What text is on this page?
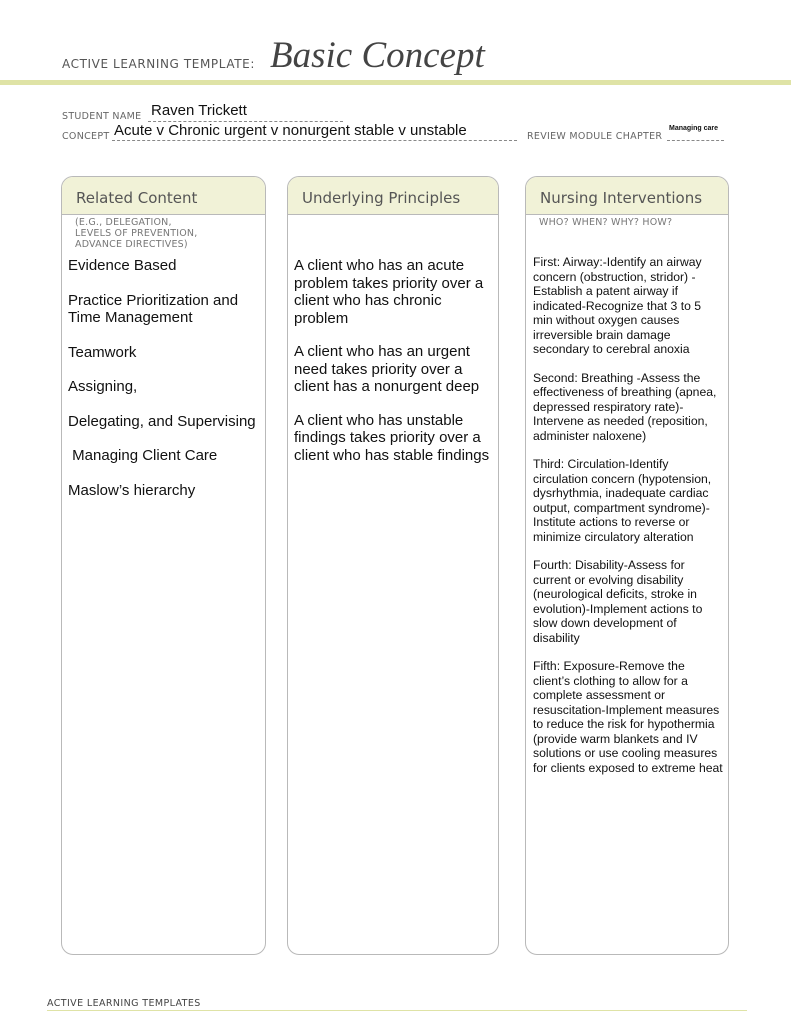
ACTIVE LEARNING TEMPLATE: Basic Concept
STUDENT NAME Raven Trickett
CONCEPT Acute v Chronic urgent v nonurgent stable v unstable	REVIEW MODULE CHAPTER
Managing care
Related Content
(E.G., DELEGATION,
LEVELS OF PREVENTION,
ADVANCE DIRECTIVES)
Evidence Based
Practice Prioritization and Time Management
Teamwork
Assigning,
Delegating, and Supervising
Managing Client Care
Maslow’s hierarchy
Underlying Principles
A client who has an acute problem takes priority over a client who has chronic problem
A client who has an urgent need takes priority over a client has a nonurgent deep
A client who has unstable findings takes priority over a client who has stable findings
Nursing Interventions
WHO? WHEN? WHY? HOW?
First: Airway:-Identify an airway concern (obstruction, stridor) -Establish a patent airway if indicated-Recognize that 3 to 5 min without oxygen causes irreversible brain damage secondary to cerebral anoxia
Second: Breathing -Assess the effectiveness of breathing (apnea, depressed respiratory rate)-Intervene as needed (reposition, administer naloxene)
Third: Circulation-Identify circulation concern (hypotension, dysrhythmia, inadequate cardiac output, compartment syndrome)-Institute actions to reverse or minimize circulatory alteration
Fourth: Disability-Assess for current or evolving disability (neurological deficits, stroke in evolution)-Implement actions to slow down development of disability
Fifth: Exposure-Remove the client’s clothing to allow for a complete assessment or resuscitation-Implement measures to reduce the risk for hypothermia (provide warm blankets and IV solutions or use cooling measures for clients exposed to extreme heat
ACTIVE LEARNING TEMPLATES
